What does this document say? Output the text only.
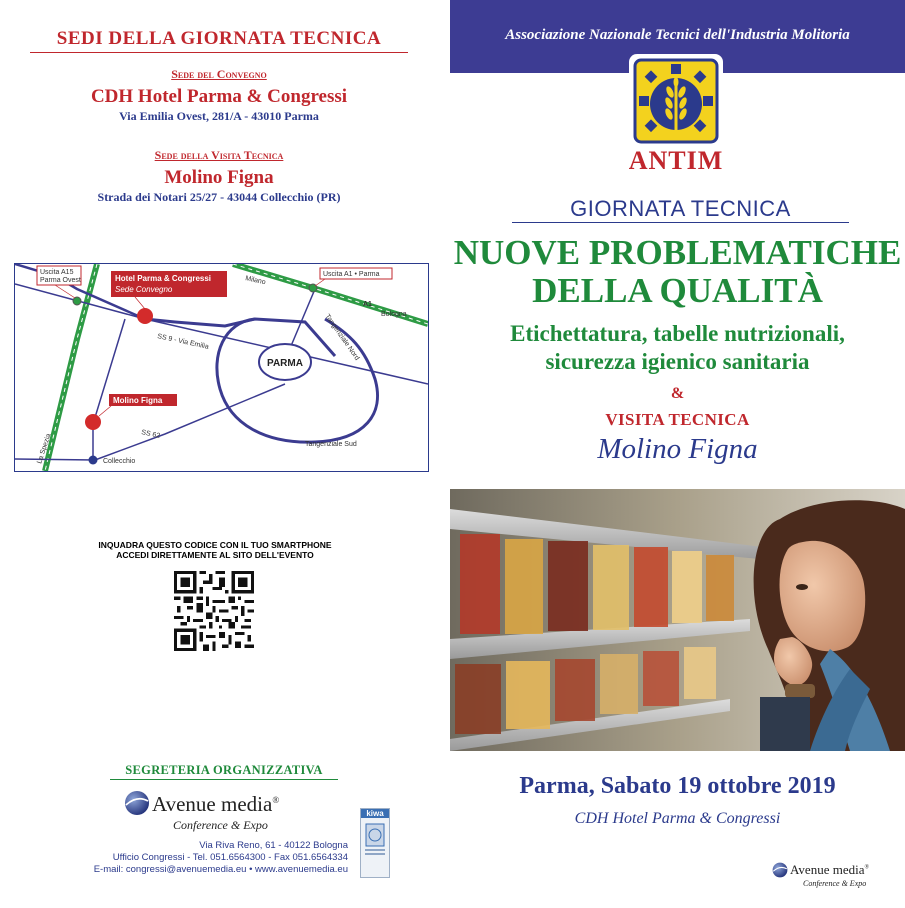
SEDI DELLA GIORNATA TECNICA
Sede del Convegno
CDH Hotel Parma & Congressi
Via Emilia Ovest, 281/A - 43010 Parma
Sede della Visita Tecnica
Molino Figna
Strada dei Notari 25/27 - 43044 Collecchio (PR)
PARMA
Uscita A15
Parma Ovest	Hotel Parma & Congressi
Sede Convegno
Uscita A1 • Parma
Molino Figna
Milano
A1
Bologna
Tangenziale Nord
SS 9 - Via Emilia
A15
La Spezia	SS 62
Tangenziale Sud
Collecchio
INQUADRA QUESTO CODICE CON IL TUO SMARTPHONE
ACCEDI DIRETTAMENTE AL SITO DELL'EVENTO
SEGRETERIA ORGANIZZATIVA
Avenue media®
Conference & Expo
Via Riva Reno, 61 - 40122 Bologna
Ufficio Congressi - Tel. 051.6564300 - Fax 051.6564334
E-mail: congressi@avenuemedia.eu • www.avenuemedia.eu
kiwa
Associazione Nazionale Tecnici dell'Industria Molitoria
ANTIM
GIORNATA TECNICA
NUOVE PROBLEMATICHE
DELLA QUALITÀ
Etichettatura, tabelle nutrizionali,
sicurezza igienico sanitaria
&
VISITA TECNICA
Molino Figna
Parma, Sabato 19 ottobre 2019
CDH Hotel Parma & Congressi
Avenue media®
Conference & Expo
